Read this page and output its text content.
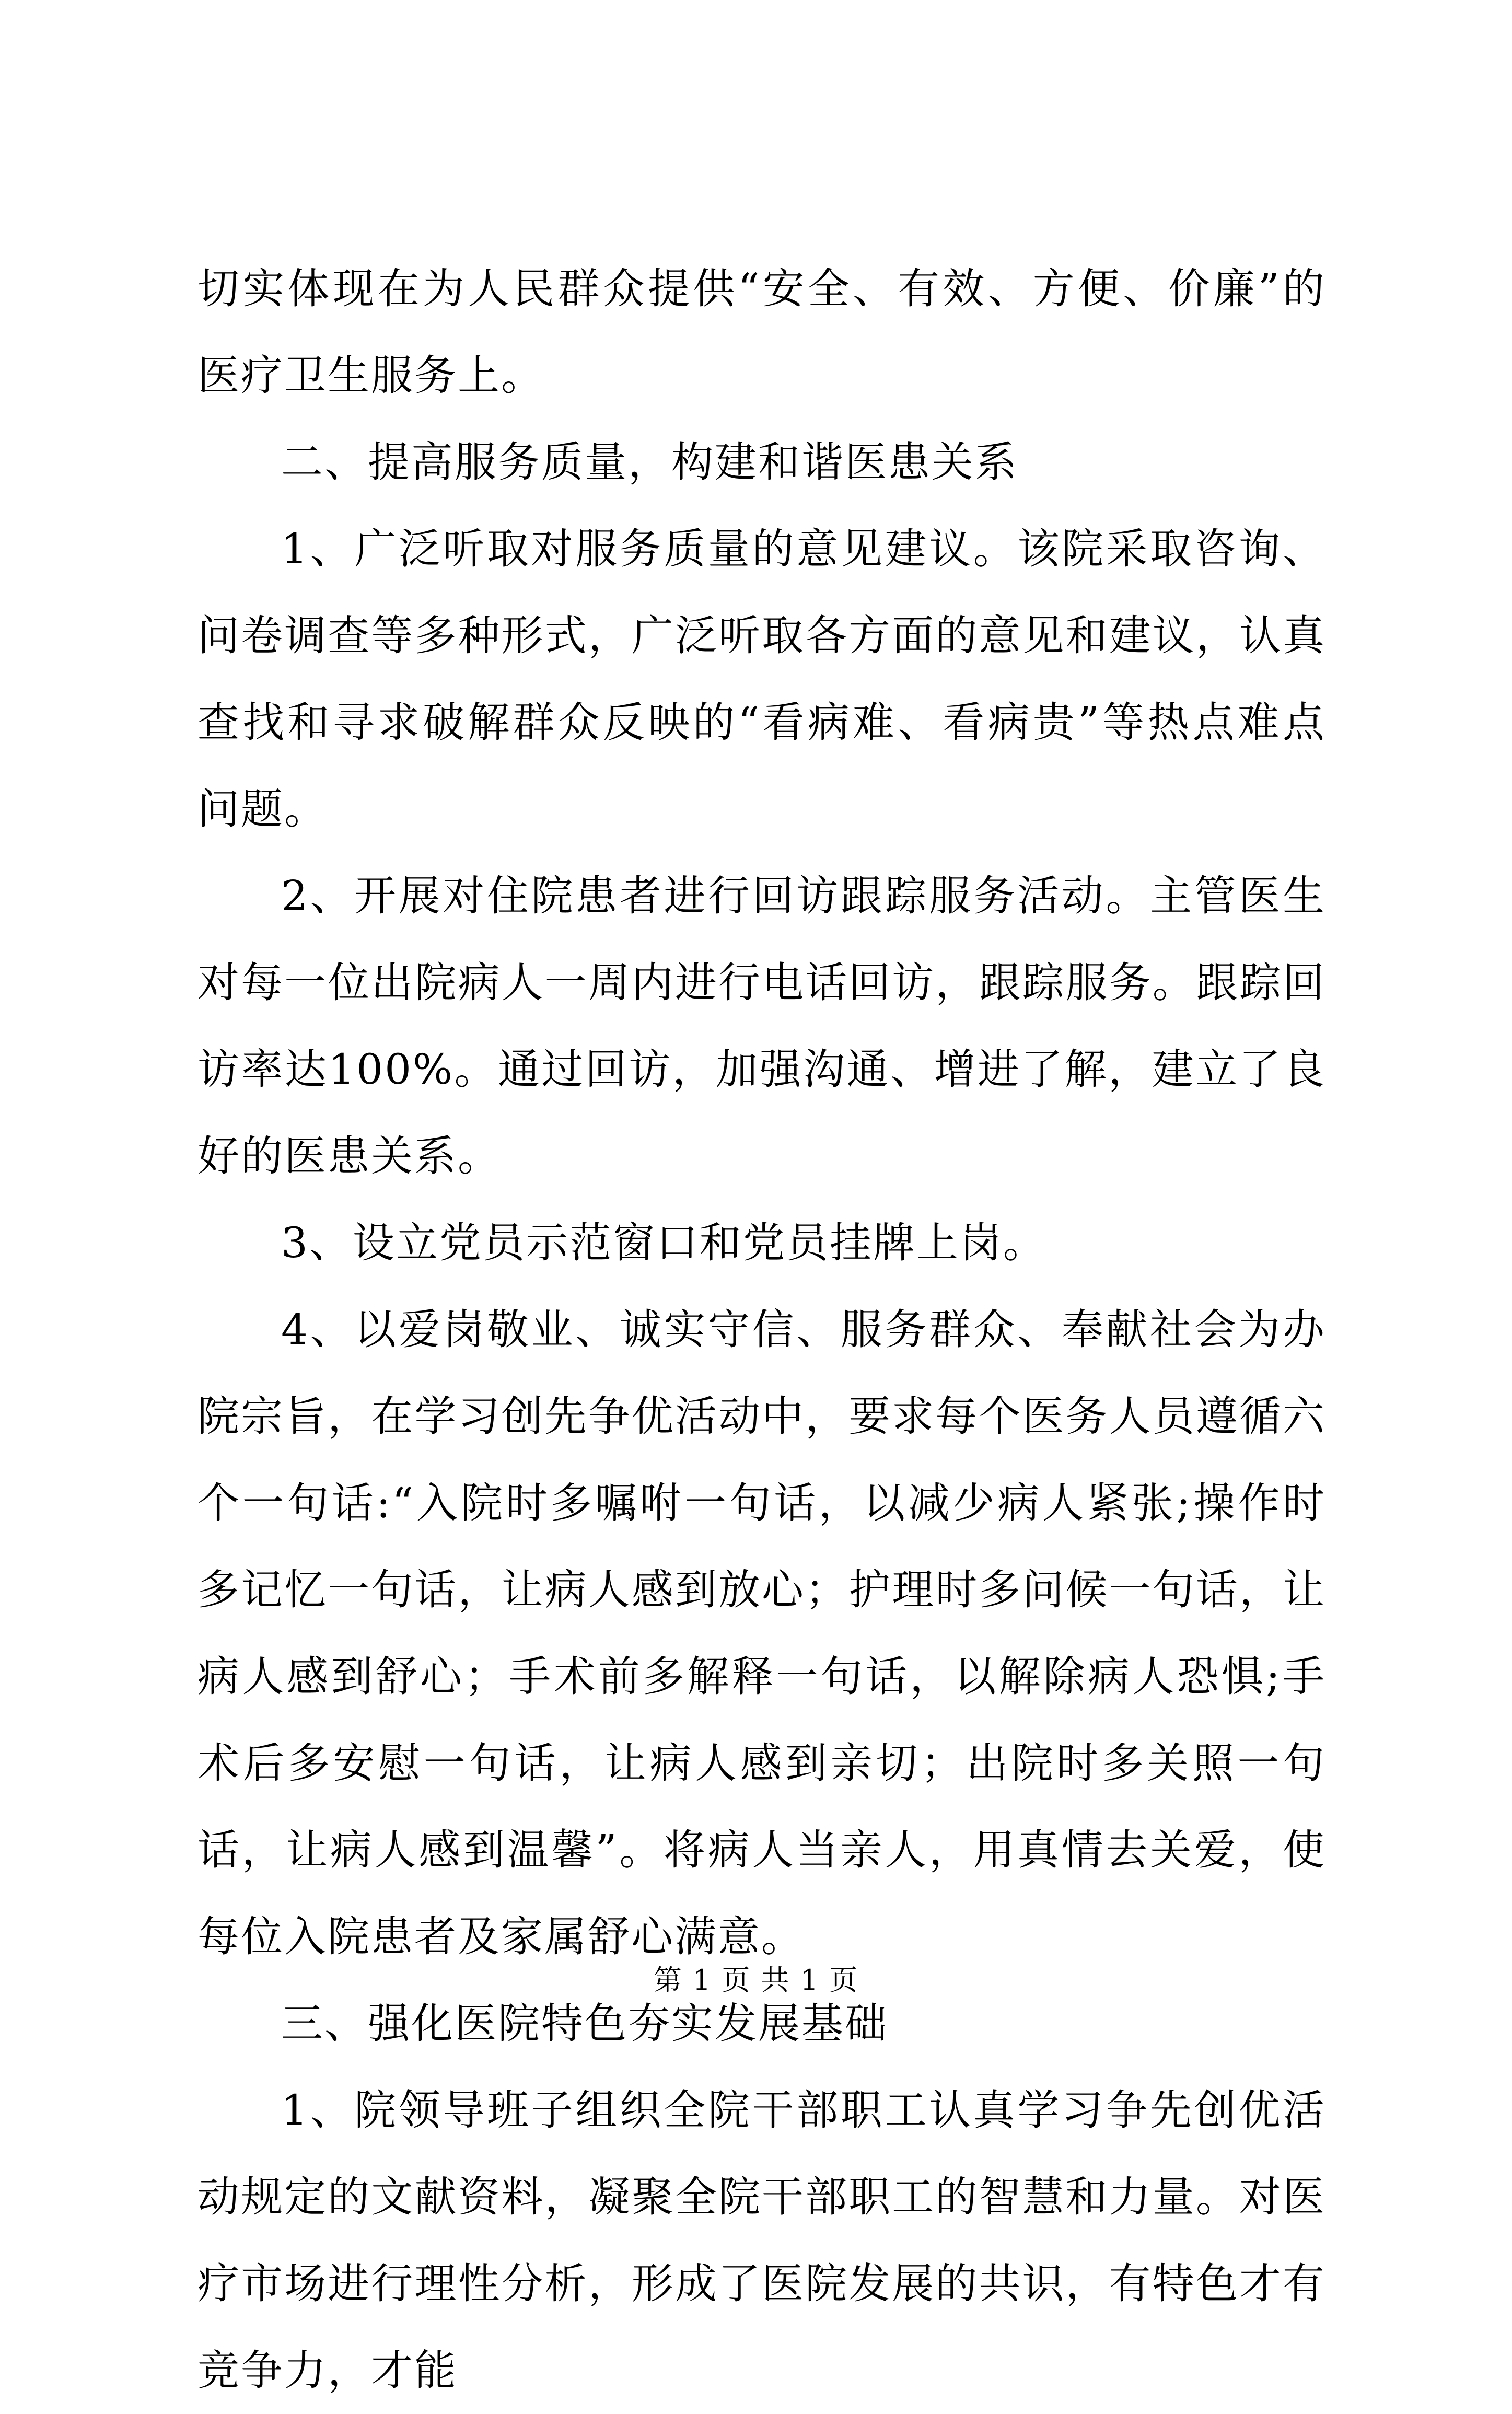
切实体现在为人民群众提供“安全、有效、方便、价廉”的医疗卫生服务上。

二、提高服务质量，构建和谐医患关系

1、广泛听取对服务质量的意见建议。该院采取咨询、问卷调查等多种形式，广泛听取各方面的意见和建议，认真查找和寻求破解群众反映的“看病难、看病贵”等热点难点问题。

2、开展对住院患者进行回访跟踪服务活动。主管医生对每一位出院病人一周内进行电话回访，跟踪服务。跟踪回访率达100%。通过回访，加强沟通、增进了解，建立了良好的医患关系。

3、设立党员示范窗口和党员挂牌上岗。

4、以爱岗敬业、诚实守信、服务群众、奉献社会为办院宗旨，在学习创先争优活动中，要求每个医务人员遵循六个一句话:“入院时多嘱咐一句话，以减少病人紧张;操作时多记忆一句话，让病人感到放心；护理时多问候一句话，让病人感到舒心；手术前多解释一句话，以解除病人恐惧;手术后多安慰一句话，让病人感到亲切；出院时多关照一句话，让病人感到温馨”。将病人当亲人，用真情去关爱，使每位入院患者及家属舒心满意。

三、强化医院特色夯实发展基础

1、院领导班子组织全院干部职工认真学习争先创优活动规定的文献资料，凝聚全院干部职工的智慧和力量。对医疗市场进行理性分析，形成了医院发展的共识，有特色才有竞争力，才能

第 1 页 共 1 页
